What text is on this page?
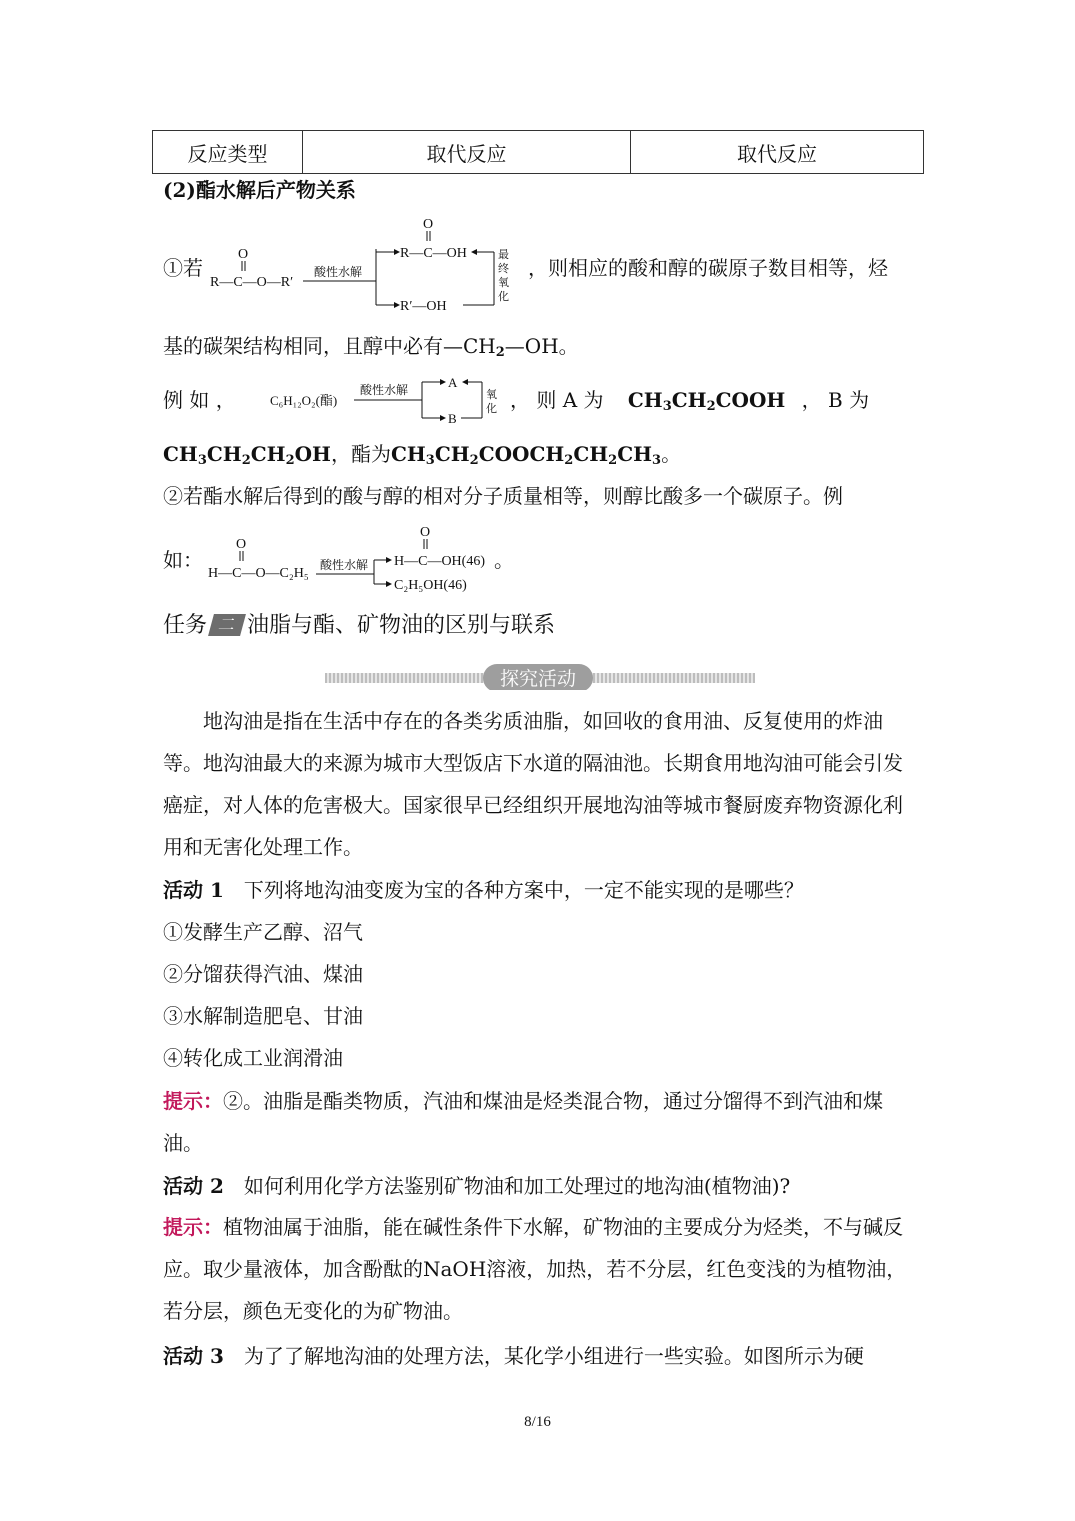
反应类型	取代反应	取代反应
(2)酯水解后产物关系
①若
O
R—C—O—R′
酸性水解
O
R—C—OH
R′—OH
最终氧化
，则相应的酸和醇的碳原子数目相等，烃
基的碳架结构相同，且醇中必有$—CH_2—OH$。
例 如 ，	C₆H₁₂O₂(酯)
酸性水解	A
B
氧化 ， 则 A 为 $CH_3CH_2COOH$ ， B 为
$CH_3CH_2CH_2OH$，酯为$CH_3CH_2COOCH_2CH_2CH_3$。
②若酯水解后得到的酸与醇的相对分子质量相等，则醇比酸多一个碳原子。例
如：
O
H—C—O—C₂H₅
酸性水解
O
H—C—OH(46)
C₂H₅OH(46)
。
任务 二 油脂与酯、矿物油的区别与联系
探究活动
地沟油是指在生活中存在的各类劣质油脂，如回收的食用油、反复使用的炸油等。地沟油最大的来源为城市大型饭店下水道的隔油池。长期食用地沟油可能会引发癌症，对人体的危害极大。国家很早已经组织开展地沟油等城市餐厨废弃物资源化利用和无害化处理工作。
活动 1 下列将地沟油变废为宝的各种方案中，一定不能实现的是哪些？
①发酵生产乙醇、沼气
②分馏获得汽油、煤油
③水解制造肥皂、甘油
④转化成工业润滑油
提示：②。油脂是酯类物质，汽油和煤油是烃类混合物，通过分馏得不到汽油和煤油。
活动 2 如何利用化学方法鉴别矿物油和加工处理过的地沟油(植物油)?
提示：植物油属于油脂，能在碱性条件下水解，矿物油的主要成分为烃类，不与碱反应。取少量液体，加含酚酞的NaOH溶液，加热，若不分层，红色变浅的为植物油，若分层，颜色无变化的为矿物油。
活动 3 为了了解地沟油的处理方法，某化学小组进行一些实验。如图所示为硬
8/16
